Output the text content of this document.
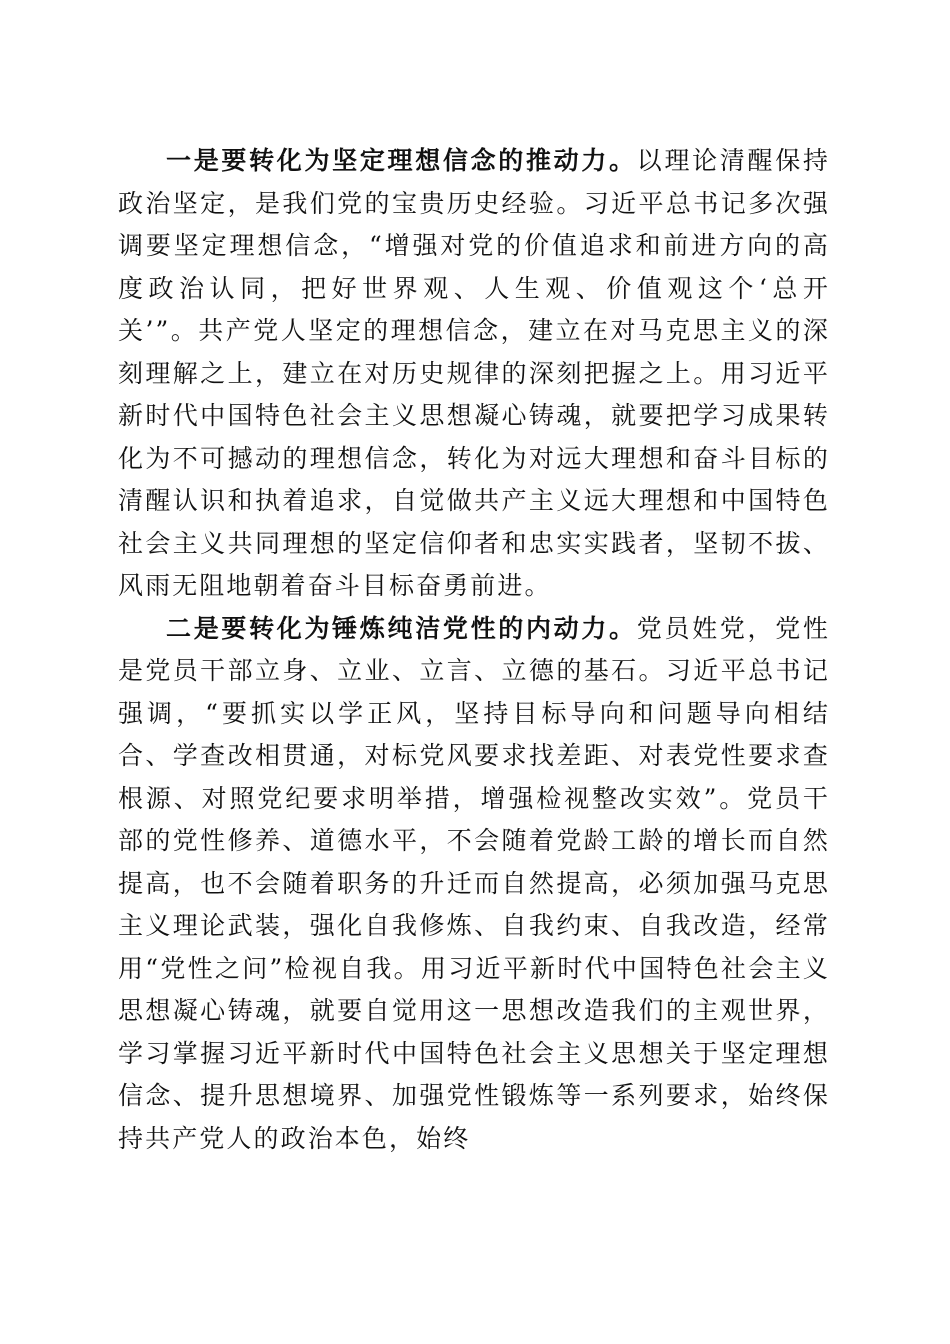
一是要转化为坚定理想信念的推动力。以理论清醒保持政治坚定，是我们党的宝贵历史经验。习近平总书记多次强调要坚定理想信念，“增强对党的价值追求和前进方向的高度政治认同，把好世界观、人生观、价值观这个‘总开关’”。共产党人坚定的理想信念，建立在对马克思主义的深刻理解之上，建立在对历史规律的深刻把握之上。用习近平新时代中国特色社会主义思想凝心铸魂，就要把学习成果转化为不可撼动的理想信念，转化为对远大理想和奋斗目标的清醒认识和执着追求，自觉做共产主义远大理想和中国特色社会主义共同理想的坚定信仰者和忠实实践者，坚韧不拔、风雨无阻地朝着奋斗目标奋勇前进。

二是要转化为锤炼纯洁党性的内动力。党员姓党，党性是党员干部立身、立业、立言、立德的基石。习近平总书记强调，“要抓实以学正风，坚持目标导向和问题导向相结合、学查改相贯通，对标党风要求找差距、对表党性要求查根源、对照党纪要求明举措，增强检视整改实效”。党员干部的党性修养、道德水平，不会随着党龄工龄的增长而自然提高，也不会随着职务的升迁而自然提高，必须加强马克思主义理论武装，强化自我修炼、自我约束、自我改造，经常用“党性之问”检视自我。用习近平新时代中国特色社会主义思想凝心铸魂，就要自觉用这一思想改造我们的主观世界，学习掌握习近平新时代中国特色社会主义思想关于坚定理想信念、提升思想境界、加强党性锻炼等一系列要求，始终保持共产党人的政治本色，始终
